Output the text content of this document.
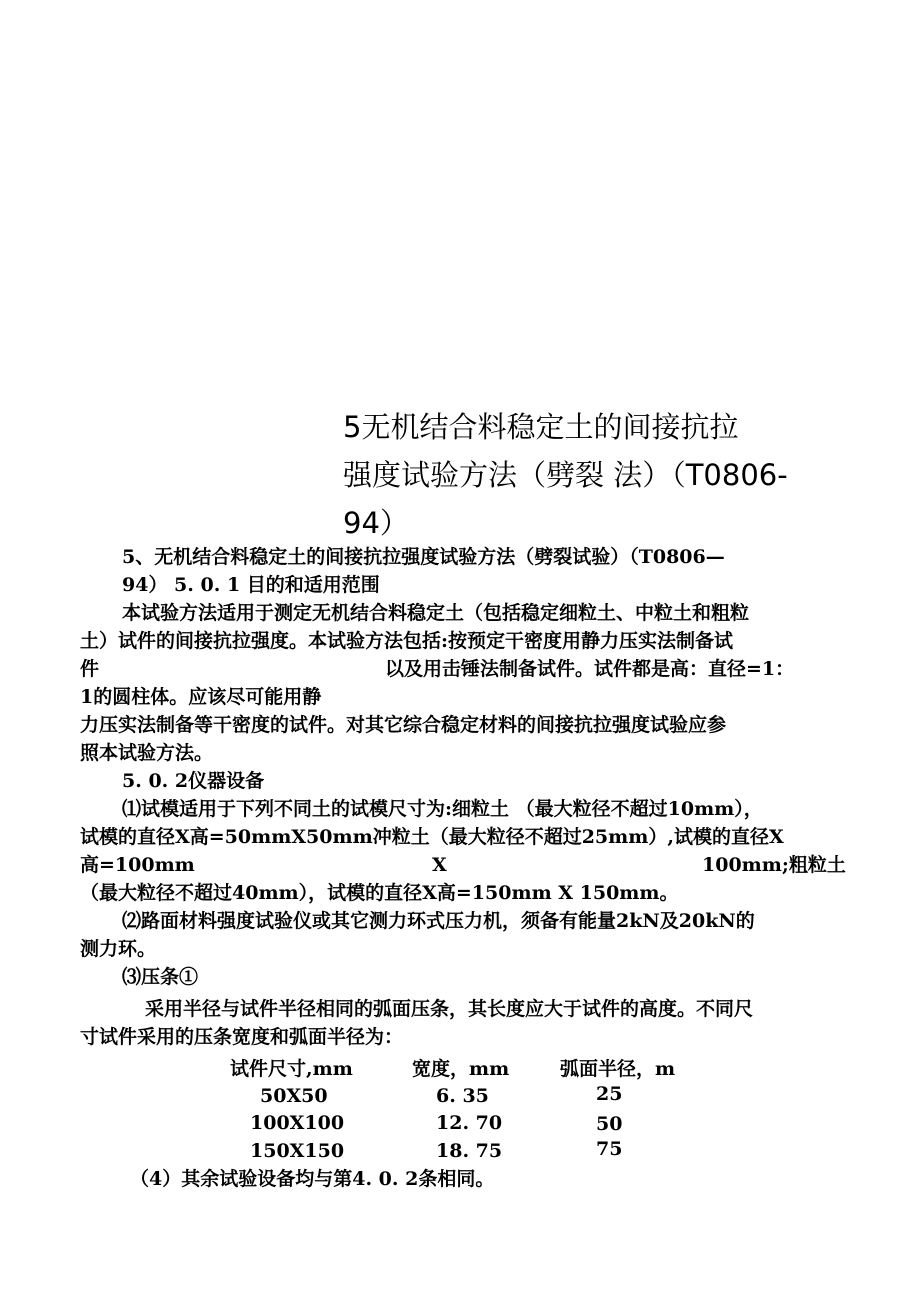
5无机结合料稳定土的间接抗拉
强度试验方法（劈裂 法）（T0806-
94）
5、无机结合料稳定土的间接抗拉强度试验方法（劈裂试验）（T0806—
94） 5. 0. 1 目的和适用范围
本试验方法适用于测定无机结合料稳定土（包括稳定细粒土、中粒土和粗粒
土）试件的间接抗拉强度。本试验方法包括:按预定干密度用静力压实法制备试
件	以及用击锤法制备试件。试件都是高：直径=1：
1的圆柱体。应该尽可能用静
力压实法制备等干密度的试件。对其它综合稳定材料的间接抗拉强度试验应参
照本试验方法。
5. 0. 2仪器设备
⑴试模适用于下列不同土的试模尺寸为:细粒土 （最大粒径不超过10mm），
试模的直径X高=50mmX50mm冲粒土（最大粒径不超过25mm）,试模的直径X
高=100mm	X	100mm;粗粒土
（最大粒径不超过40mm），试模的直径X高=150mm X 150mm。
⑵路面材料强度试验仪或其它测力环式压力机，须备有能量2kN及20kN的
测力环。
⑶压条①
采用半径与试件半径相同的弧面压条，其长度应大于试件的高度。不同尺
寸试件采用的压条宽度和弧面半径为：
试件尺寸,mm	宽度，mm	弧面半径，m
50X50	6. 35	25
100X100	12. 70	50
150X150	18. 75	75
（4）其余试验设备均与第4. 0. 2条相同。
